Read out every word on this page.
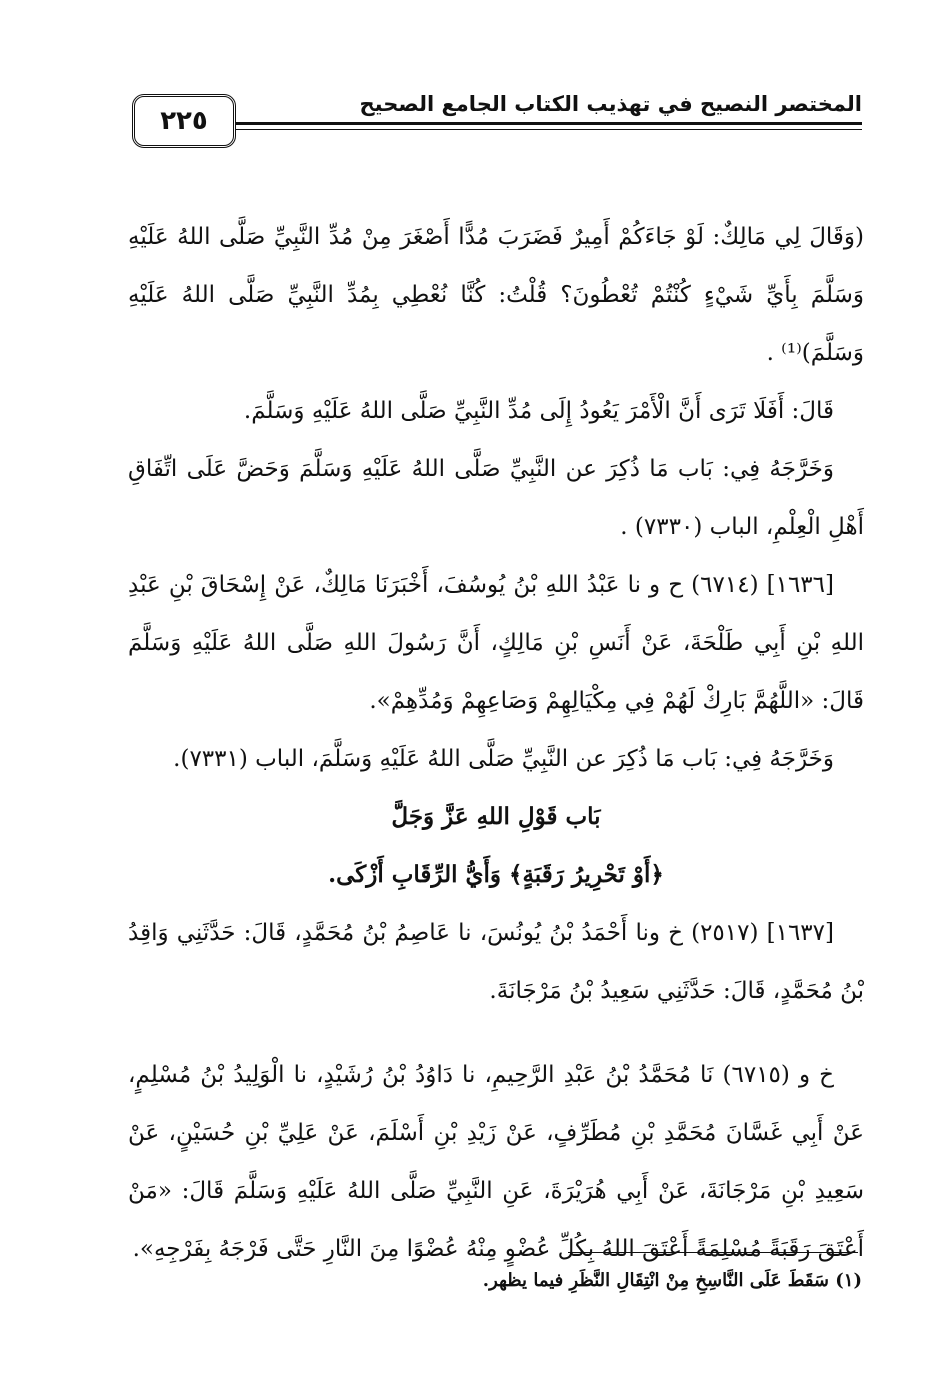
٢٢٥
المختصر النصيح في تهذيب الكتاب الجامع الصحيح

(وَقَالَ لِي مَالِكٌ: لَوْ جَاءَكُمْ أَمِيرٌ فَضَرَبَ مُدًّا أَصْغَرَ مِنْ مُدِّ النَّبِيِّ صَلَّى اللهُ عَلَيْهِ وَسَلَّمَ بِأَيِّ شَيْءٍ كُنْتُمْ تُعْطُونَ؟ قُلْتُ: كُنَّا نُعْطِي بِمُدِّ النَّبِيِّ صَلَّى اللهُ عَلَيْهِ وَسَلَّمَ)⁽¹⁾ .

قَالَ: أَفَلَا تَرَى أَنَّ الْأَمْرَ يَعُودُ إِلَى مُدِّ النَّبِيِّ صَلَّى اللهُ عَلَيْهِ وَسَلَّمَ.

وَخَرَّجَهُ فِي: بَاب مَا ذُكِرَ عن النَّبِيِّ صَلَّى اللهُ عَلَيْهِ وَسَلَّمَ وَحَضَّ عَلَى اتِّفَاقِ أَهْلِ الْعِلْمِ، الباب (٧٣٣٠) .

[١٦٣٦] (٦٧١٤) ح و نا عَبْدُ اللهِ بْنُ يُوسُفَ، أَخْبَرَنَا مَالِكٌ، عَنْ إِسْحَاقَ بْنِ عَبْدِ اللهِ بْنِ أَبِي طَلْحَةَ، عَنْ أَنَسِ بْنِ مَالِكٍ، أَنَّ رَسُولَ اللهِ صَلَّى اللهُ عَلَيْهِ وَسَلَّمَ قَالَ: «اللَّهُمَّ بَارِكْ لَهُمْ فِي مِكْيَالِهِمْ وَصَاعِهِمْ وَمُدِّهِمْ».

وَخَرَّجَهُ فِي: بَاب مَا ذُكِرَ عن النَّبِيِّ صَلَّى اللهُ عَلَيْهِ وَسَلَّمَ، الباب (٧٣٣١).

بَاب قَوْلِ اللهِ عَزَّ وَجَلَّ

﴿أَوْ تَحْرِيرُ رَقَبَةٍ﴾ وَأَيُّ الرِّقَابِ أَزْكَى.

[١٦٣٧] (٢٥١٧) خ ونا أَحْمَدُ بْنُ يُونُسَ، نا عَاصِمُ بْنُ مُحَمَّدٍ، قَالَ: حَدَّثَنِي وَاقِدُ بْنُ مُحَمَّدٍ، قَالَ: حَدَّثَنِي سَعِيدُ بْنُ مَرْجَانَةَ.

خ و (٦٧١٥) نَا مُحَمَّدُ بْنُ عَبْدِ الرَّحِيمِ، نا دَاوُدُ بْنُ رُشَيْدٍ، نا الْوَلِيدُ بْنُ مُسْلِمٍ، عَنْ أَبِي غَسَّانَ مُحَمَّدِ بْنِ مُطَرِّفٍ، عَنْ زَيْدِ بْنِ أَسْلَمَ، عَنْ عَلِيِّ بْنِ حُسَيْنٍ، عَنْ سَعِيدِ بْنِ مَرْجَانَةَ، عَنْ أَبِي هُرَيْرَةَ، عَنِ النَّبِيِّ صَلَّى اللهُ عَلَيْهِ وَسَلَّمَ قَالَ: «مَنْ أَعْتَقَ رَقَبَةً مُسْلِمَةً أَعْتَقَ اللهُ بِكُلِّ عُضْوٍ مِنْهُ عُضْوًا مِنَ النَّارِ حَتَّى فَرْجَهُ بِفَرْجِهِ».

(١) سَقَطَ عَلَى النَّاسِخِ مِنْ انْتِقَالِ النَّظَرِ فيما يظهر.
